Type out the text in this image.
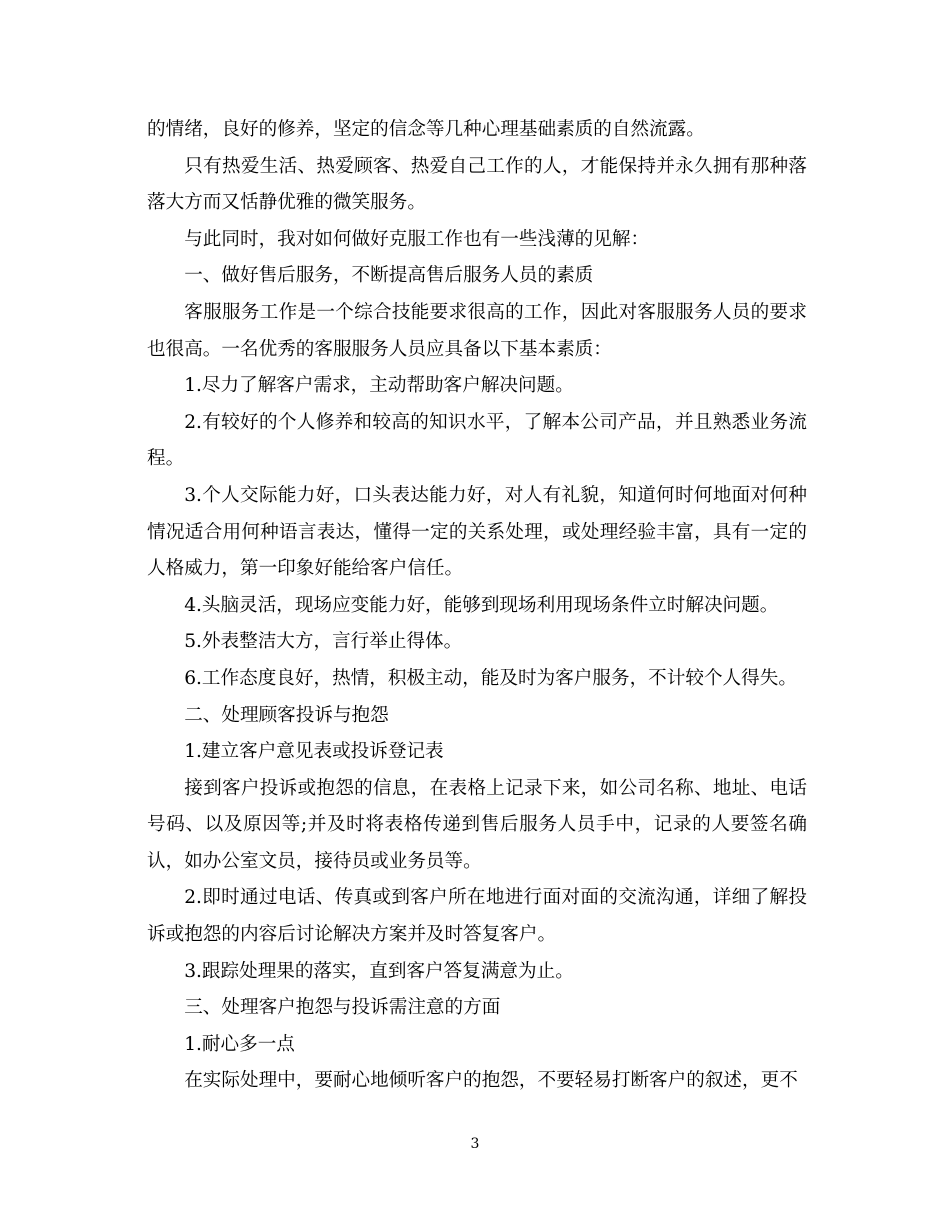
的情绪，良好的修养，坚定的信念等几种心理基础素质的自然流露。

只有热爱生活、热爱顾客、热爱自己工作的人，才能保持并永久拥有那种落落大方而又恬静优雅的微笑服务。

与此同时，我对如何做好克服工作也有一些浅薄的见解：

一、做好售后服务，不断提高售后服务人员的素质

客服服务工作是一个综合技能要求很高的工作，因此对客服服务人员的要求也很高。一名优秀的客服服务人员应具备以下基本素质：

1.尽力了解客户需求，主动帮助客户解决问题。

2.有较好的个人修养和较高的知识水平，了解本公司产品，并且熟悉业务流程。

3.个人交际能力好，口头表达能力好，对人有礼貌，知道何时何地面对何种情况适合用何种语言表达，懂得一定的关系处理，或处理经验丰富，具有一定的人格威力，第一印象好能给客户信任。

4.头脑灵活，现场应变能力好，能够到现场利用现场条件立时解决问题。

5.外表整洁大方，言行举止得体。

6.工作态度良好，热情，积极主动，能及时为客户服务，不计较个人得失。

二、处理顾客投诉与抱怨

1.建立客户意见表或投诉登记表

接到客户投诉或抱怨的信息，在表格上记录下来，如公司名称、地址、电话号码、以及原因等;并及时将表格传递到售后服务人员手中，记录的人要签名确认，如办公室文员，接待员或业务员等。

2.即时通过电话、传真或到客户所在地进行面对面的交流沟通，详细了解投诉或抱怨的内容后讨论解决方案并及时答复客户。

3.跟踪处理果的落实，直到客户答复满意为止。

三、处理客户抱怨与投诉需注意的方面

1.耐心多一点

在实际处理中，要耐心地倾听客户的抱怨，不要轻易打断客户的叙述，更不

3
